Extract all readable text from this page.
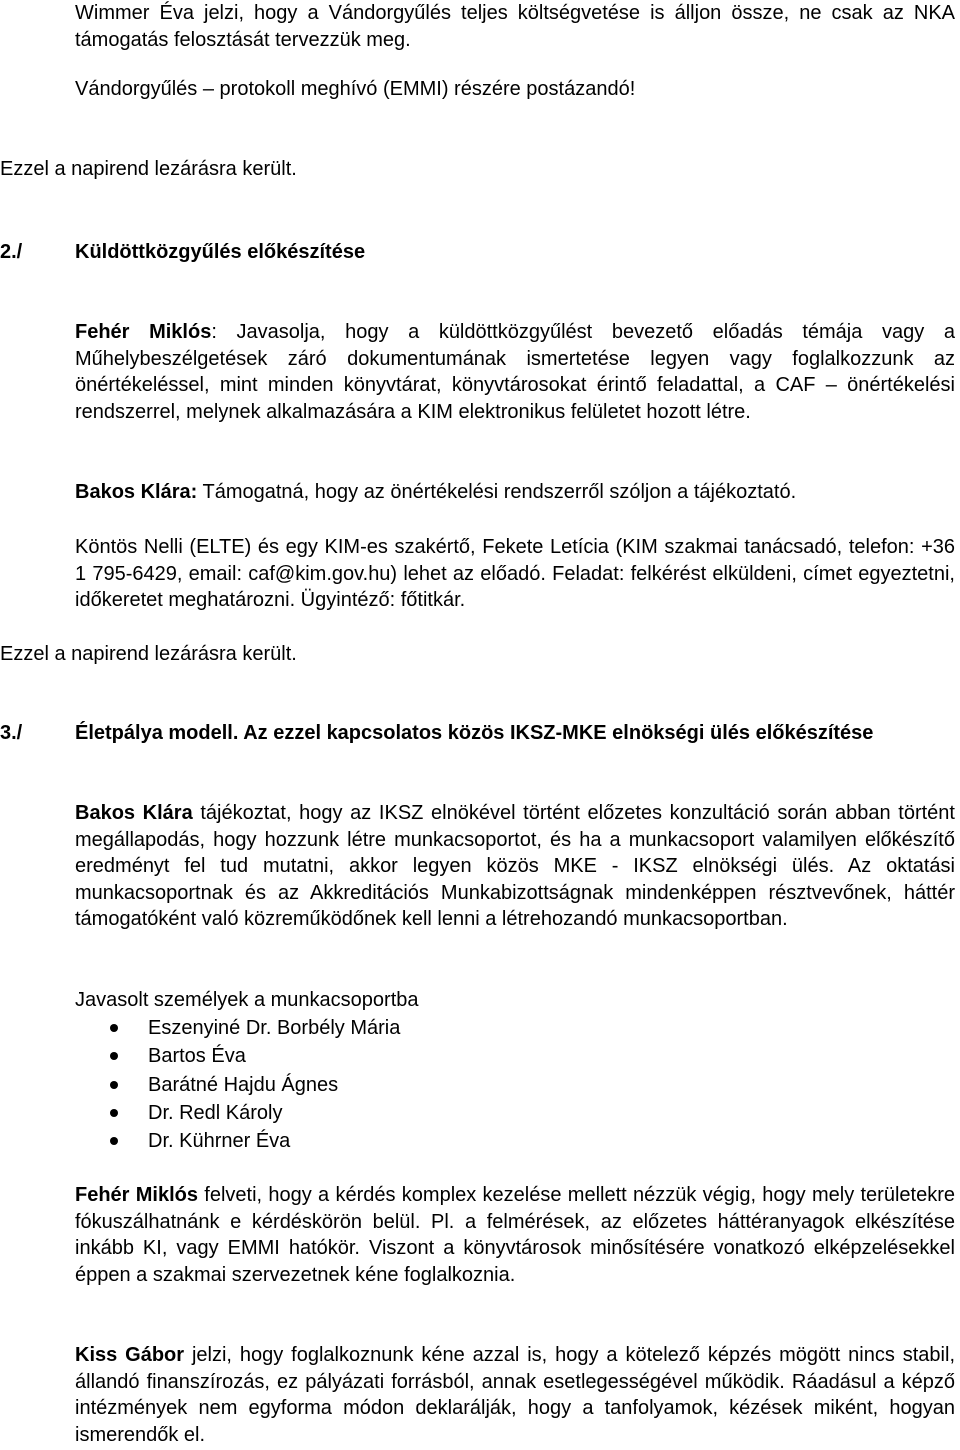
Wimmer Éva jelzi, hogy a Vándorgyűlés teljes költségvetése is álljon össze, ne csak az NKA támogatás felosztását tervezzük meg.

Vándorgyűlés – protokoll meghívó (EMMI) részére postázandó!

Ezzel a napirend lezárásra került.

2./	Küldöttközgyűlés előkészítése

Fehér Miklós: Javasolja, hogy a küldöttközgyűlést bevezető előadás témája vagy a Műhelybeszélgetések záró dokumentumának ismertetése legyen vagy foglalkozzunk az önértékeléssel, mint minden könyvtárat, könyvtárosokat érintő feladattal, a CAF – önértékelési rendszerrel, melynek alkalmazására a KIM elektronikus felületet hozott létre.

Bakos Klára: Támogatná, hogy az önértékelési rendszerről szóljon a tájékoztató.

Köntös Nelli (ELTE) és egy KIM-es szakértő, Fekete Letícia (KIM szakmai tanácsadó, telefon: +36 1 795-6429, email: caf@kim.gov.hu) lehet az előadó. Feladat: felkérést elküldeni, címet egyeztetni, időkeretet meghatározni. Ügyintéző: főtitkár.

Ezzel a napirend lezárásra került.

3./	Életpálya modell. Az ezzel kapcsolatos közös IKSZ-MKE elnökségi ülés előkészítése

Bakos Klára tájékoztat, hogy az IKSZ elnökével történt előzetes konzultáció során abban történt megállapodás, hogy hozzunk létre munkacsoportot, és ha a munkacsoport valamilyen előkészítő eredményt fel tud mutatni, akkor legyen közös MKE - IKSZ elnökségi ülés. Az oktatási munkacsoportnak és az Akkreditációs Munkabizottságnak mindenképpen résztvevőnek, háttér támogatóként való közreműködőnek kell lenni a létrehozandó munkacsoportban.

Javasolt személyek a munkacsoportba

Eszenyiné Dr. Borbély Mária
Bartos Éva
Barátné Hajdu Ágnes
Dr. Redl Károly
Dr. Kührner Éva

Fehér Miklós felveti, hogy a kérdés komplex kezelése mellett nézzük végig, hogy mely területekre fókuszálhatnánk e kérdéskörön belül. Pl. a felmérések, az előzetes háttéranyagok elkészítése inkább KI, vagy EMMI hatókör. Viszont a könyvtárosok minősítésére vonatkozó elképzelésekkel éppen a szakmai szervezetnek kéne foglalkoznia.

Kiss Gábor jelzi, hogy foglalkoznunk kéne azzal is, hogy a kötelező képzés mögött nincs stabil, állandó finanszírozás, ez pályázati forrásból, annak esetlegességével működik. Ráadásul a képző intézmények nem egyforma módon deklarálják, hogy a tanfolyamok, kézések miként, hogyan ismerendők el.
